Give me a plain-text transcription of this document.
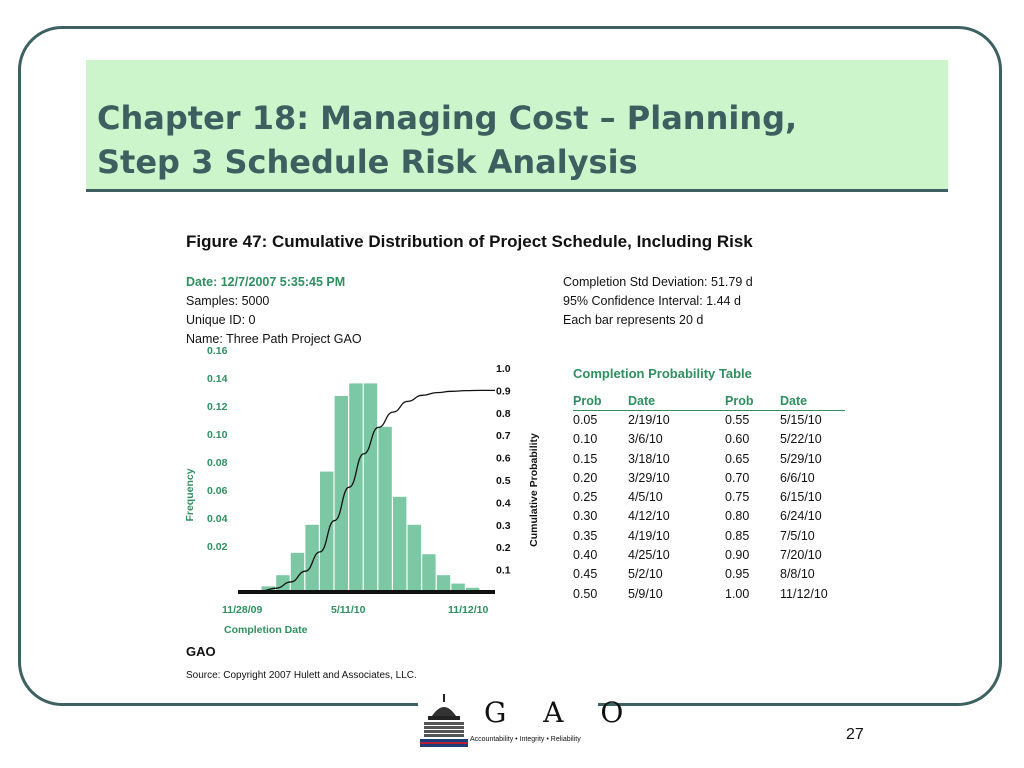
Chapter 18: Managing Cost – Planning,
Step 3 Schedule Risk Analysis
Figure 47: Cumulative Distribution of Project Schedule, Including Risk
Date: 12/7/2007 5:35:45 PM
Samples: 5000
Unique ID: 0
Name: Three Path Project GAO
Completion Std Deviation: 51.79 d
95% Confidence Interval: 1.44 d
Each bar represents 20 d
0.02
0.04
0.06
0.08
0.10
0.12
0.14
0.16
0.1
0.2
0.3
0.4
0.5
0.6
0.7
0.8
0.9
1.0
11/28/09	5/11/10	11/12/10
Frequency	Cumulative Probability
Completion Date
Completion Probability Table
Prob	Date	Prob	Date
0.05	2/19/10	0.55	5/15/10
0.10	3/6/10	0.60	5/22/10
0.15	3/18/10	0.65	5/29/10
0.20	3/29/10	0.70	6/6/10
0.25	4/5/10	0.75	6/15/10
0.30	4/12/10	0.80	6/24/10
0.35	4/19/10	0.85	7/5/10
0.40	4/25/10	0.90	7/20/10
0.45	5/2/10	0.95	8/8/10
0.50	5/9/10	1.00	11/12/10
GAO
Source: Copyright 2007 Hulett and Associates, LLC.
G A O
Accountability • Integrity • Reliability	27
